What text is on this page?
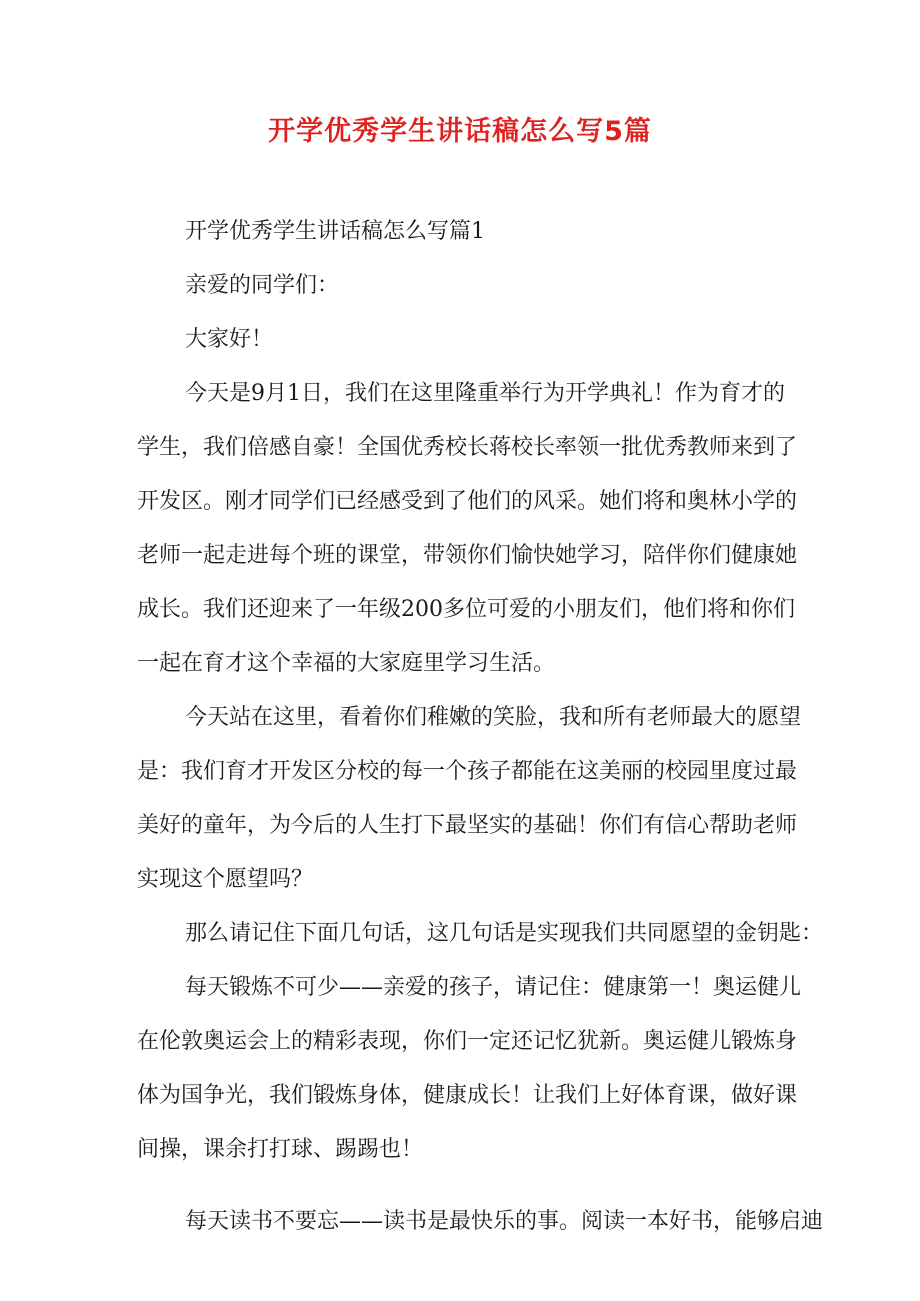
开学优秀学生讲话稿怎么写5篇
开学优秀学生讲话稿怎么写篇1
亲爱的同学们：
大家好！
今天是9月1日，我们在这里隆重举行为开学典礼！作为育才的
学生，我们倍感自豪！全国优秀校长蒋校长率领一批优秀教师来到了
开发区。刚才同学们已经感受到了他们的风采。她们将和奥林小学的
老师一起走进每个班的课堂，带领你们愉快她学习，陪伴你们健康她
成长。我们还迎来了一年级200多位可爱的小朋友们，他们将和你们
一起在育才这个幸福的大家庭里学习生活。
今天站在这里，看着你们稚嫩的笑脸，我和所有老师最大的愿望
是：我们育才开发区分校的每一个孩子都能在这美丽的校园里度过最
美好的童年，为今后的人生打下最坚实的基础！你们有信心帮助老师
实现这个愿望吗？
那么请记住下面几句话，这几句话是实现我们共同愿望的金钥匙：
每天锻炼不可少——亲爱的孩子，请记住：健康第一！奥运健儿
在伦敦奥运会上的精彩表现，你们一定还记忆犹新。奥运健儿锻炼身
体为国争光，我们锻炼身体，健康成长！让我们上好体育课，做好课
间操，课余打打球、踢踢也！
每天读书不要忘——读书是最快乐的事。阅读一本好书，能够启迪
